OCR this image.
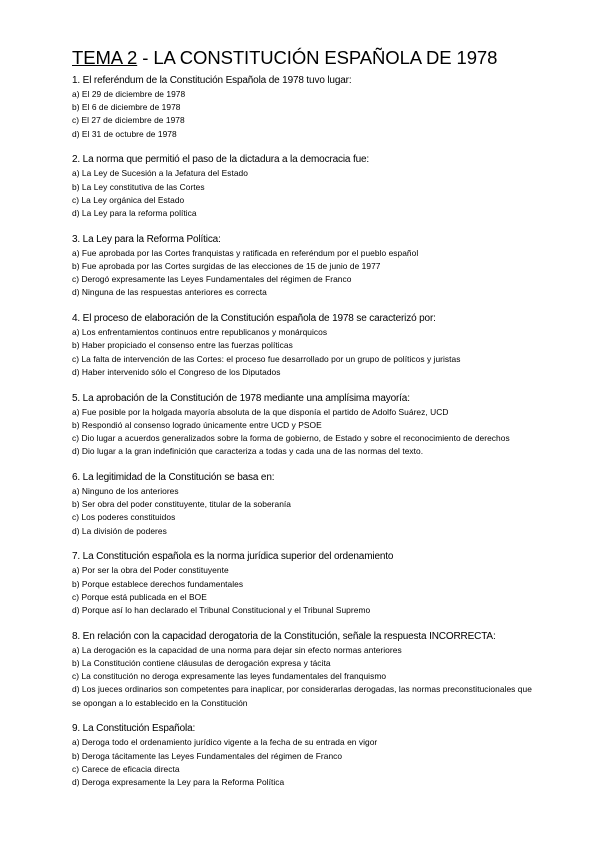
TEMA 2 - LA CONSTITUCIÓN ESPAÑOLA DE 1978
1. El referéndum de la Constitución Española de 1978 tuvo lugar:
a) El 29 de diciembre de 1978
b) El 6 de diciembre de 1978
c) El 27 de diciembre de 1978
d) El 31 de octubre de 1978
2. La norma que permitió el paso de la dictadura a la democracia fue:
a) La Ley de Sucesión a la Jefatura del Estado
b) La Ley constitutiva de las Cortes
c) La Ley orgánica del Estado
d) La Ley para la reforma política
3. La Ley para la Reforma Política:
a) Fue aprobada por las Cortes franquistas y ratificada en referéndum por el pueblo español
b) Fue aprobada por las Cortes surgidas de las elecciones de 15 de junio de 1977
c) Derogó expresamente las Leyes Fundamentales del régimen de Franco
d) Ninguna de las respuestas anteriores es correcta
4. El proceso de elaboración de la Constitución española de 1978 se caracterizó por:
a) Los enfrentamientos continuos entre republicanos y monárquicos
b) Haber propiciado el consenso entre las fuerzas políticas
c) La falta de intervención de las Cortes: el proceso fue desarrollado por un grupo de políticos y juristas
d) Haber intervenido sólo el Congreso de los Diputados
5. La aprobación de la Constitución de 1978 mediante una amplísima mayoría:
a) Fue posible por la holgada mayoría absoluta de la que disponía el partido de Adolfo Suárez, UCD
b) Respondió al consenso logrado únicamente entre UCD y PSOE
c) Dio lugar a acuerdos generalizados sobre la forma de gobierno, de Estado y sobre el reconocimiento de derechos
d) Dio lugar a la gran indefinición que caracteriza a todas y cada una de las normas del texto.
6. La legitimidad de la Constitución se basa en:
a) Ninguno de los anteriores
b) Ser obra del poder constituyente, titular de la soberanía
c) Los poderes constituidos
d) La división de poderes
7. La Constitución española es la norma jurídica superior del ordenamiento
a) Por ser la obra del Poder constituyente
b) Porque establece derechos fundamentales
c) Porque está publicada en el BOE
d) Porque así lo han declarado el Tribunal Constitucional y el Tribunal Supremo
8. En relación con la capacidad derogatoria de la Constitución, señale la respuesta INCORRECTA:
a) La derogación es la capacidad de una norma para dejar sin efecto normas anteriores
b) La Constitución contiene cláusulas de derogación expresa y tácita
c) La constitución no deroga expresamente las leyes fundamentales del franquismo
d) Los jueces ordinarios son competentes para inaplicar, por considerarlas derogadas, las normas preconstitucionales que se opongan a lo establecido en la Constitución
9. La Constitución Española:
a) Deroga todo el ordenamiento jurídico vigente a la fecha de su entrada en vigor
b) Deroga tácitamente las Leyes Fundamentales del régimen de Franco
c) Carece de eficacia directa
d) Deroga expresamente la Ley para la Reforma Política
